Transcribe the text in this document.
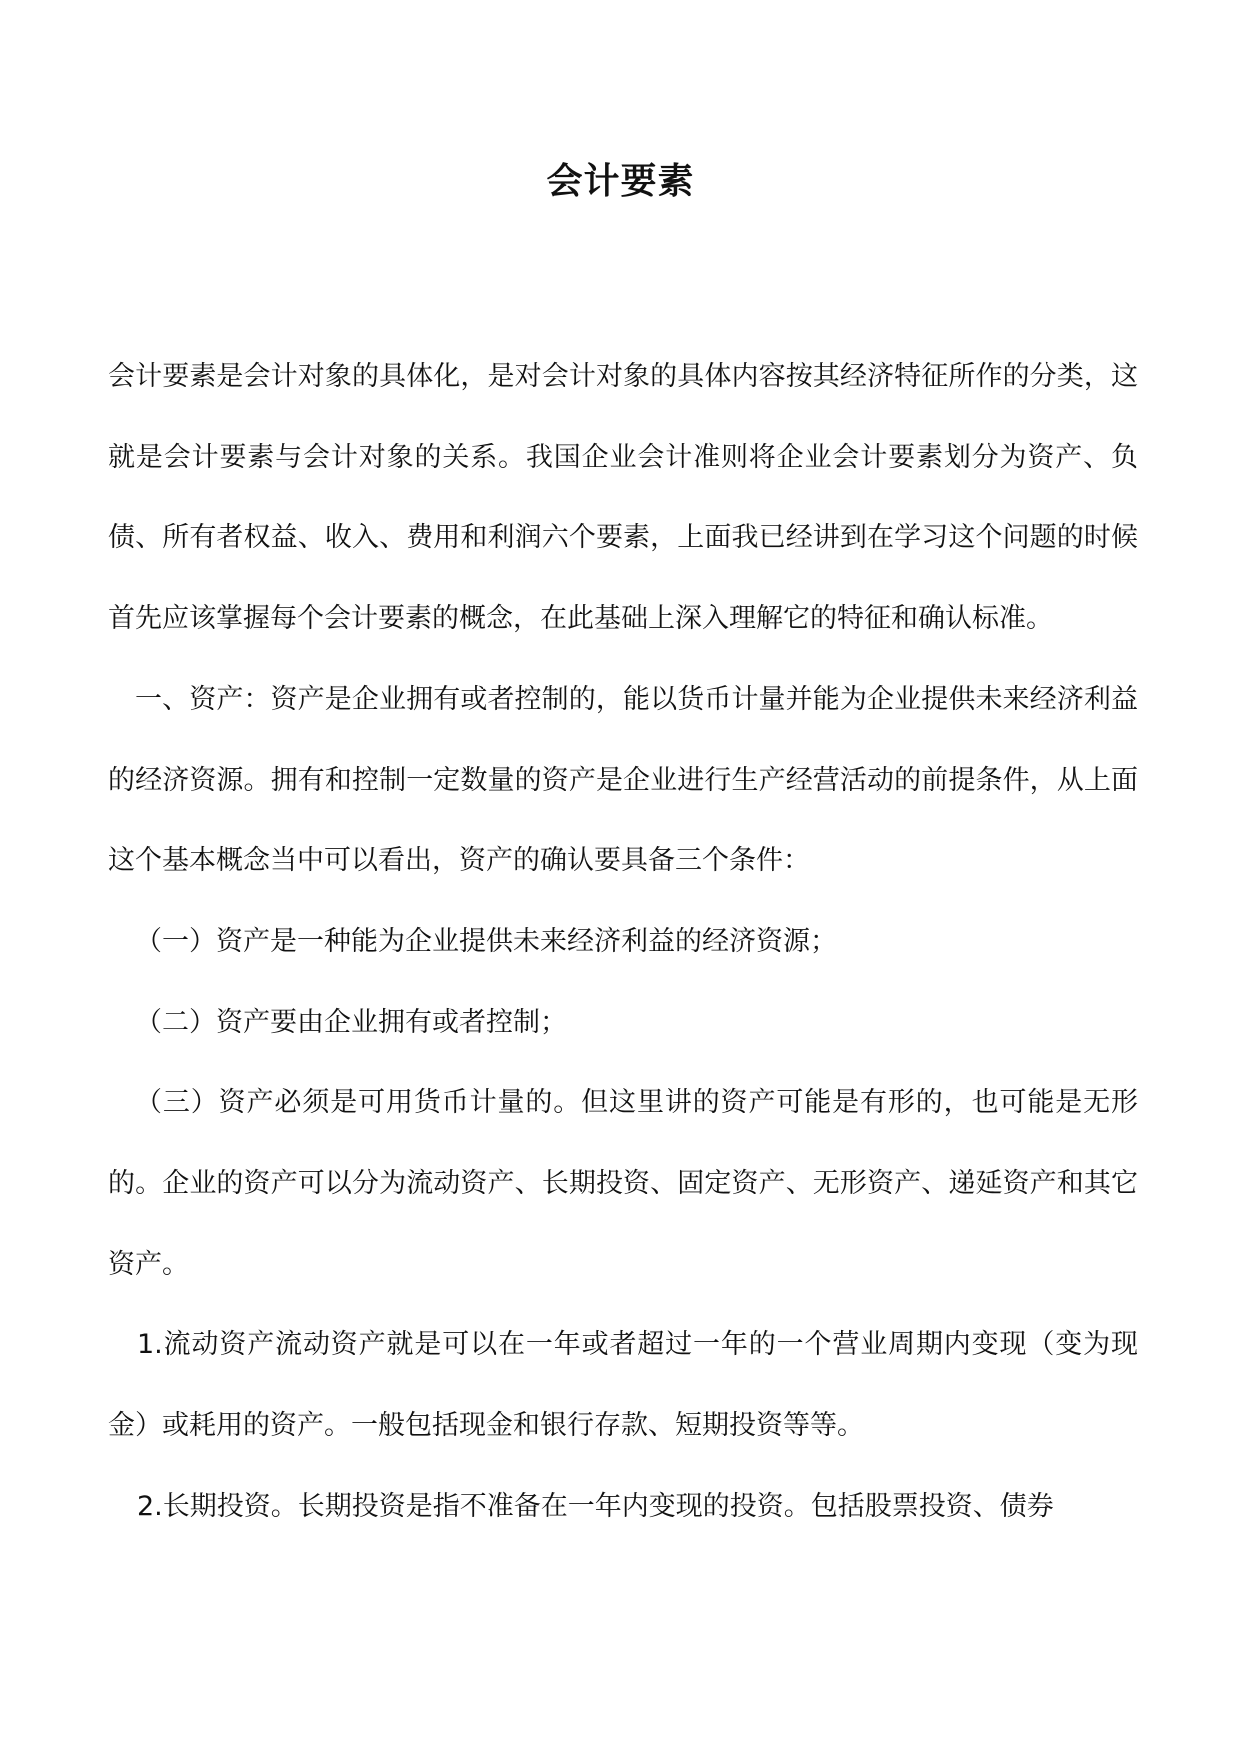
会计要素

会计要素是会计对象的具体化，是对会计对象的具体内容按其经济特征所作的分类，这就是会计要素与会计对象的关系。我国企业会计准则将企业会计要素划分为资产、负债、所有者权益、收入、费用和利润六个要素，上面我已经讲到在学习这个问题的时候首先应该掌握每个会计要素的概念，在此基础上深入理解它的特征和确认标准。

一、资产：资产是企业拥有或者控制的，能以货币计量并能为企业提供未来经济利益的经济资源。拥有和控制一定数量的资产是企业进行生产经营活动的前提条件，从上面这个基本概念当中可以看出，资产的确认要具备三个条件：

（一）资产是一种能为企业提供未来经济利益的经济资源；

（二）资产要由企业拥有或者控制；

（三）资产必须是可用货币计量的。但这里讲的资产可能是有形的，也可能是无形的。企业的资产可以分为流动资产、长期投资、固定资产、无形资产、递延资产和其它资产。

1.流动资产流动资产就是可以在一年或者超过一年的一个营业周期内变现（变为现金）或耗用的资产。一般包括现金和银行存款、短期投资等等。

2.长期投资。长期投资是指不准备在一年内变现的投资。包括股票投资、债券
